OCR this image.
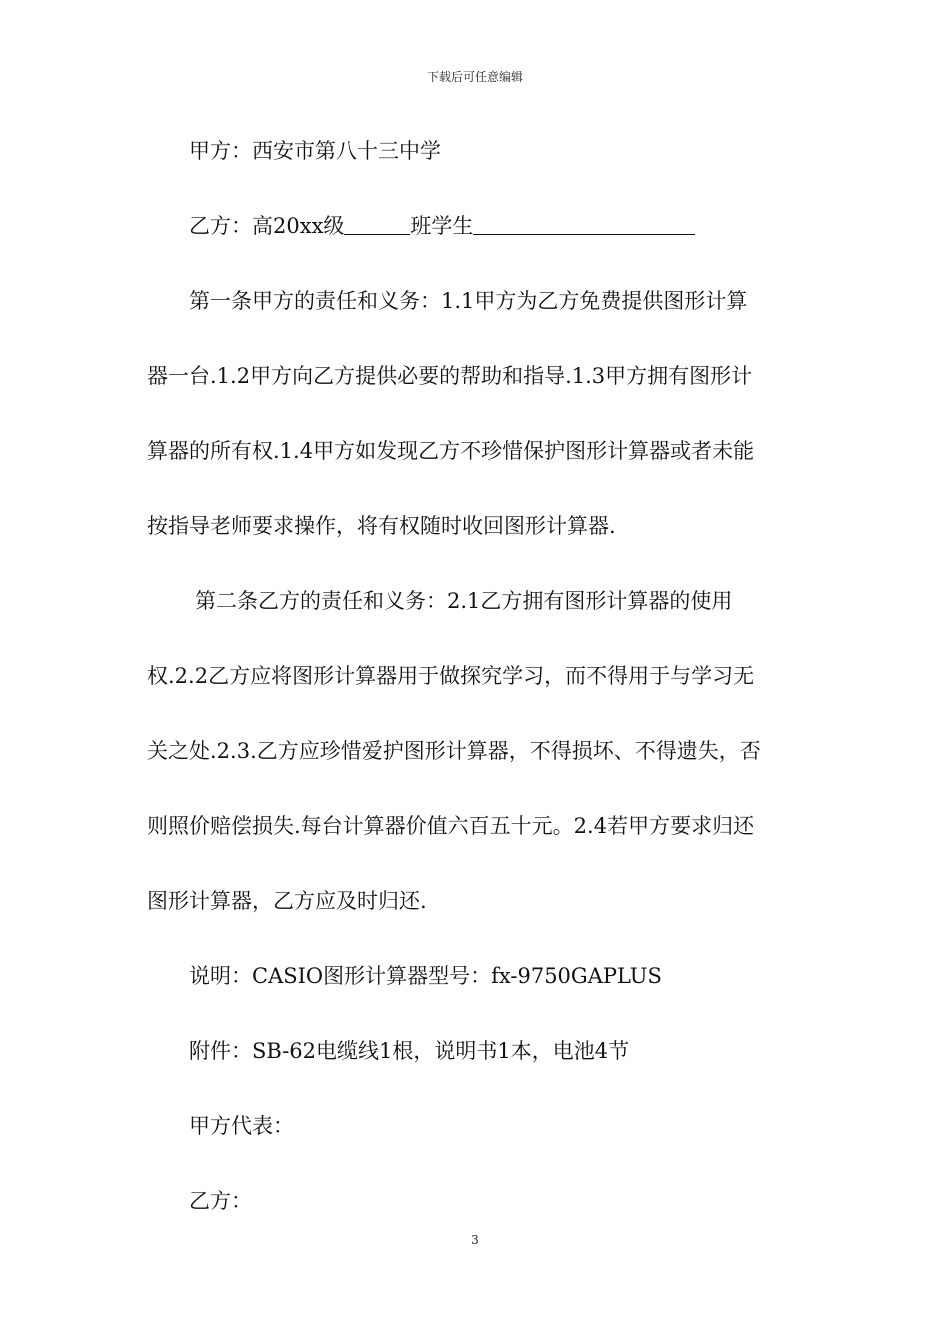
下载后可任意编辑
甲方：西安市第八十三中学
乙方：高20xx级	班学生
第一条甲方的责任和义务：1.1甲方为乙方免费提供图形计算
器一台.1.2甲方向乙方提供必要的帮助和指导.1.3甲方拥有图形计
算器的所有权.1.4甲方如发现乙方不珍惜保护图形计算器或者未能
按指导老师要求操作，将有权随时收回图形计算器.
第二条乙方的责任和义务：2.1乙方拥有图形计算器的使用
权.2.2乙方应将图形计算器用于做探究学习，而不得用于与学习无
关之处.2.3.乙方应珍惜爱护图形计算器，不得损坏、不得遗失，否
则照价赔偿损失.每台计算器价值六百五十元。2.4若甲方要求归还
图形计算器，乙方应及时归还.
说明：CASIO图形计算器型号：fx-9750GAPLUS
附件：SB-62电缆线1根，说明书1本，电池4节
甲方代表：
乙方：
3
